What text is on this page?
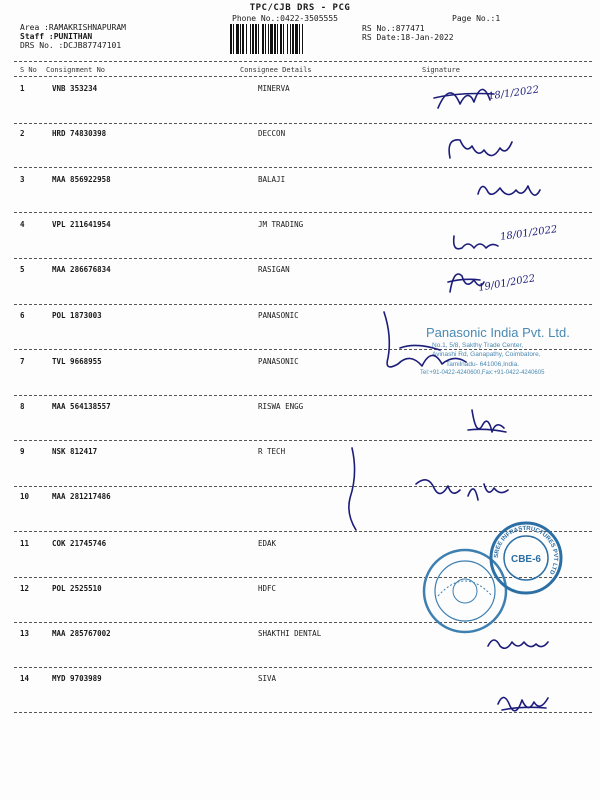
TPC/CJB DRS - PCG
Phone No.:0422-3505555	Page No.:1
Area :RAMAKRISHNAPURAM
Staff :PUNITHAN
DRS No. :DCJB87747101
RS No.:877471
RS Date:18-Jan-2022
S No Consignment No	Consignee Details	Signature
1	VNB 353234	MINERVA
2	HRD 74830398	DECCON
3	MAA 856922958	BALAJI
4	VPL 211641954	JM TRADING
5	MAA 286676834	RASIGAN
6	POL 1873003	PANASONIC
7	TVL 9668955	PANASONIC
8	MAA 564138557	RISWA ENGG
9	NSK 812417	R TECH
10	MAA 281217486
11	COK 21745746	EDAK
12	POL 2525510	HDFC
13	MAA 285767002	SHAKTHI DENTAL
14	MYD 9703989	SIVA
Panasonic India Pvt. Ltd.
No.1, 5/8, Sakthy Trade Center,
Avinashi Rd, Ganapathy, Coimbatore,
Tamilnadu- 641006,India.
Tel:+91-0422-4240600,Fax:+91-0422-4240605
CBE-6
SREE INFRASTRUCTURES PVT LTD
18/1/2022
18/01/2022
19/01/2022
